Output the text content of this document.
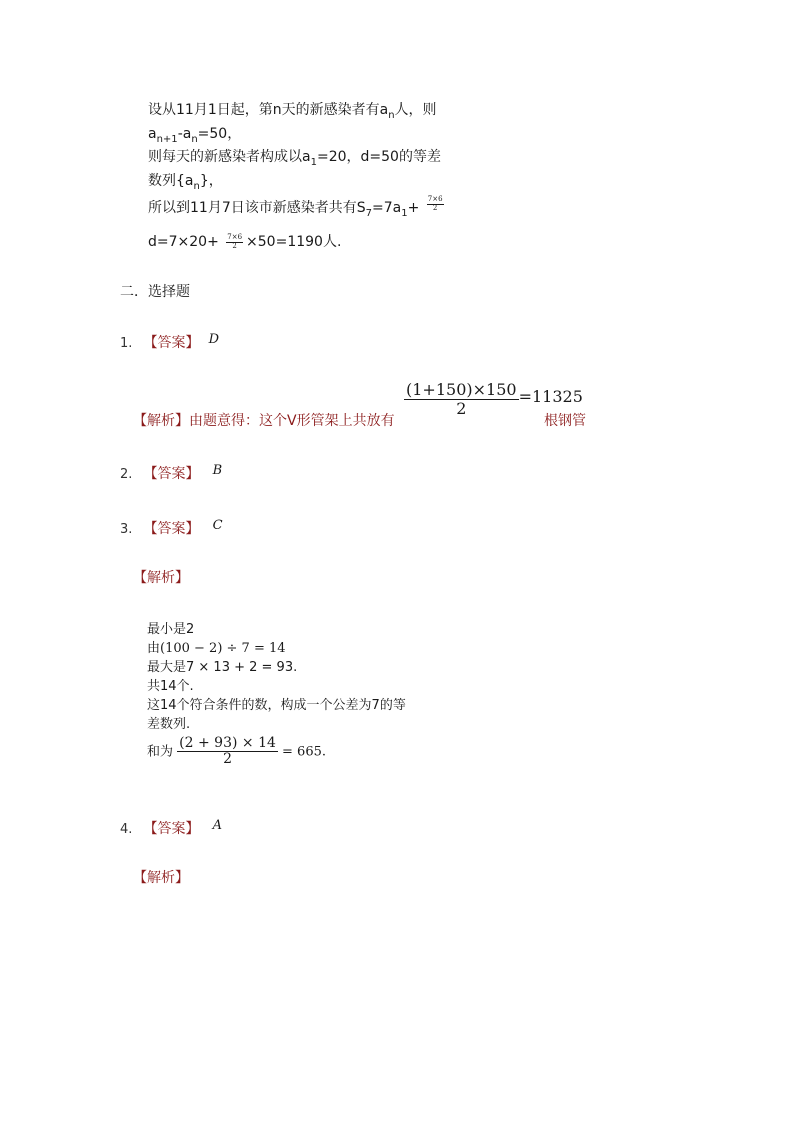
设从11月1日起，第n天的新感染者有$a_n$人，则
$a_{n+1}-a_n=50$，
则每天的新感染者构成以$a_1=20$，d=50的等差
数列$\{a_n\}$，
所以到11月7日该市新感染者共有$S_7=7a_1+ \frac{7\times 6}{2}$
$d=7\times 20+ \frac{7\times 6}{2} \times 50=1190$人.
二．选择题
1. 【答案】 $^D$
【解析】由题意得：这个Ⅴ形管架上共放有
$\frac{(1+150)\times 150}{2} =11325$
根钢管
2. 【答案】 $^B$
3. 【答案】 $^C$
【解析】
最小是2
由(100 − 2) ÷ 7 = 14
最大是7 × 13 + 2 = 93.
共14个.
这14个符合条件的数，构成一个公差为7的等
差数列.
和为 $\frac{(2 + 93) \times 14}{2} = 665$.
4. 【答案】 $^A$
【解析】
